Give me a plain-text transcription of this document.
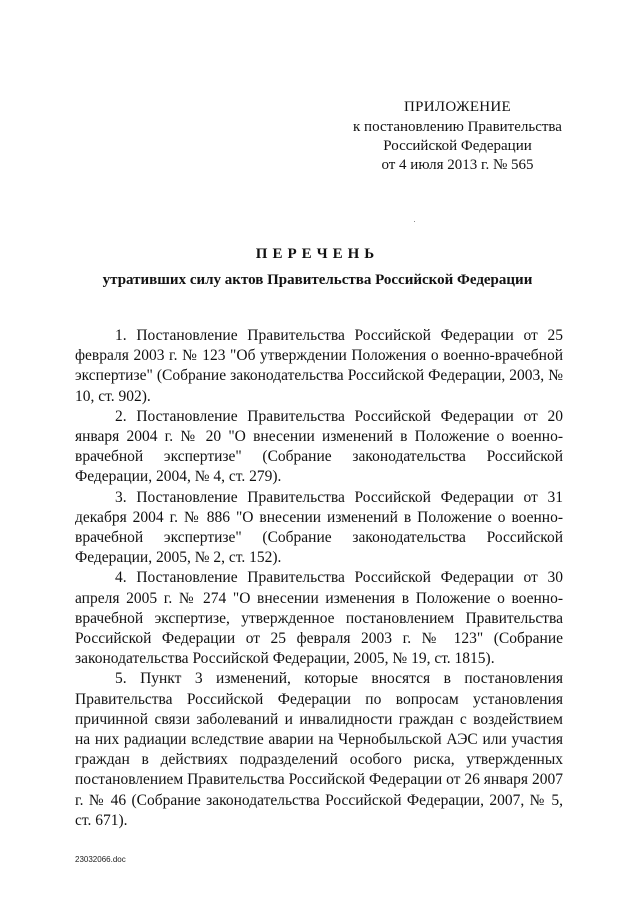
ПРИЛОЖЕНИЕ
к постановлению Правительства
Российской Федерации
от 4 июля 2013 г. № 565
ПЕРЕЧЕНЬ
утративших силу актов Правительства Российской Федерации

1. Постановление Правительства Российской Федерации от 25 февраля 2003 г. № 123 "Об утверждении Положения о военно-врачебной экспертизе" (Собрание законодательства Российской Федерации, 2003, № 10, ст. 902).

2. Постановление Правительства Российской Федерации от 20 января 2004 г. № 20 "О внесении изменений в Положение о военно-врачебной экспертизе" (Собрание законодательства Российской Федерации, 2004, № 4, ст. 279).

3. Постановление Правительства Российской Федерации от 31 декабря 2004 г. № 886 "О внесении изменений в Положение о военно-врачебной экспертизе" (Собрание законодательства Российской Федерации, 2005, № 2, ст. 152).

4. Постановление Правительства Российской Федерации от 30 апреля 2005 г. № 274 "О внесении изменения в Положение о военно-врачебной экспертизе, утвержденное постановлением Правительства Российской Федерации от 25 февраля 2003 г. № 123" (Собрание законодательства Российской Федерации, 2005, № 19, ст. 1815).

5. Пункт 3 изменений, которые вносятся в постановления Правительства Российской Федерации по вопросам установления причинной связи заболеваний и инвалидности граждан с воздействием на них радиации вследствие аварии на Чернобыльской АЭС или участия граждан в действиях подразделений особого риска, утвержденных постановлением Правительства Российской Федерации от 26 января 2007 г. № 46 (Собрание законодательства Российской Федерации, 2007, № 5, ст. 671).

23032066.doc
